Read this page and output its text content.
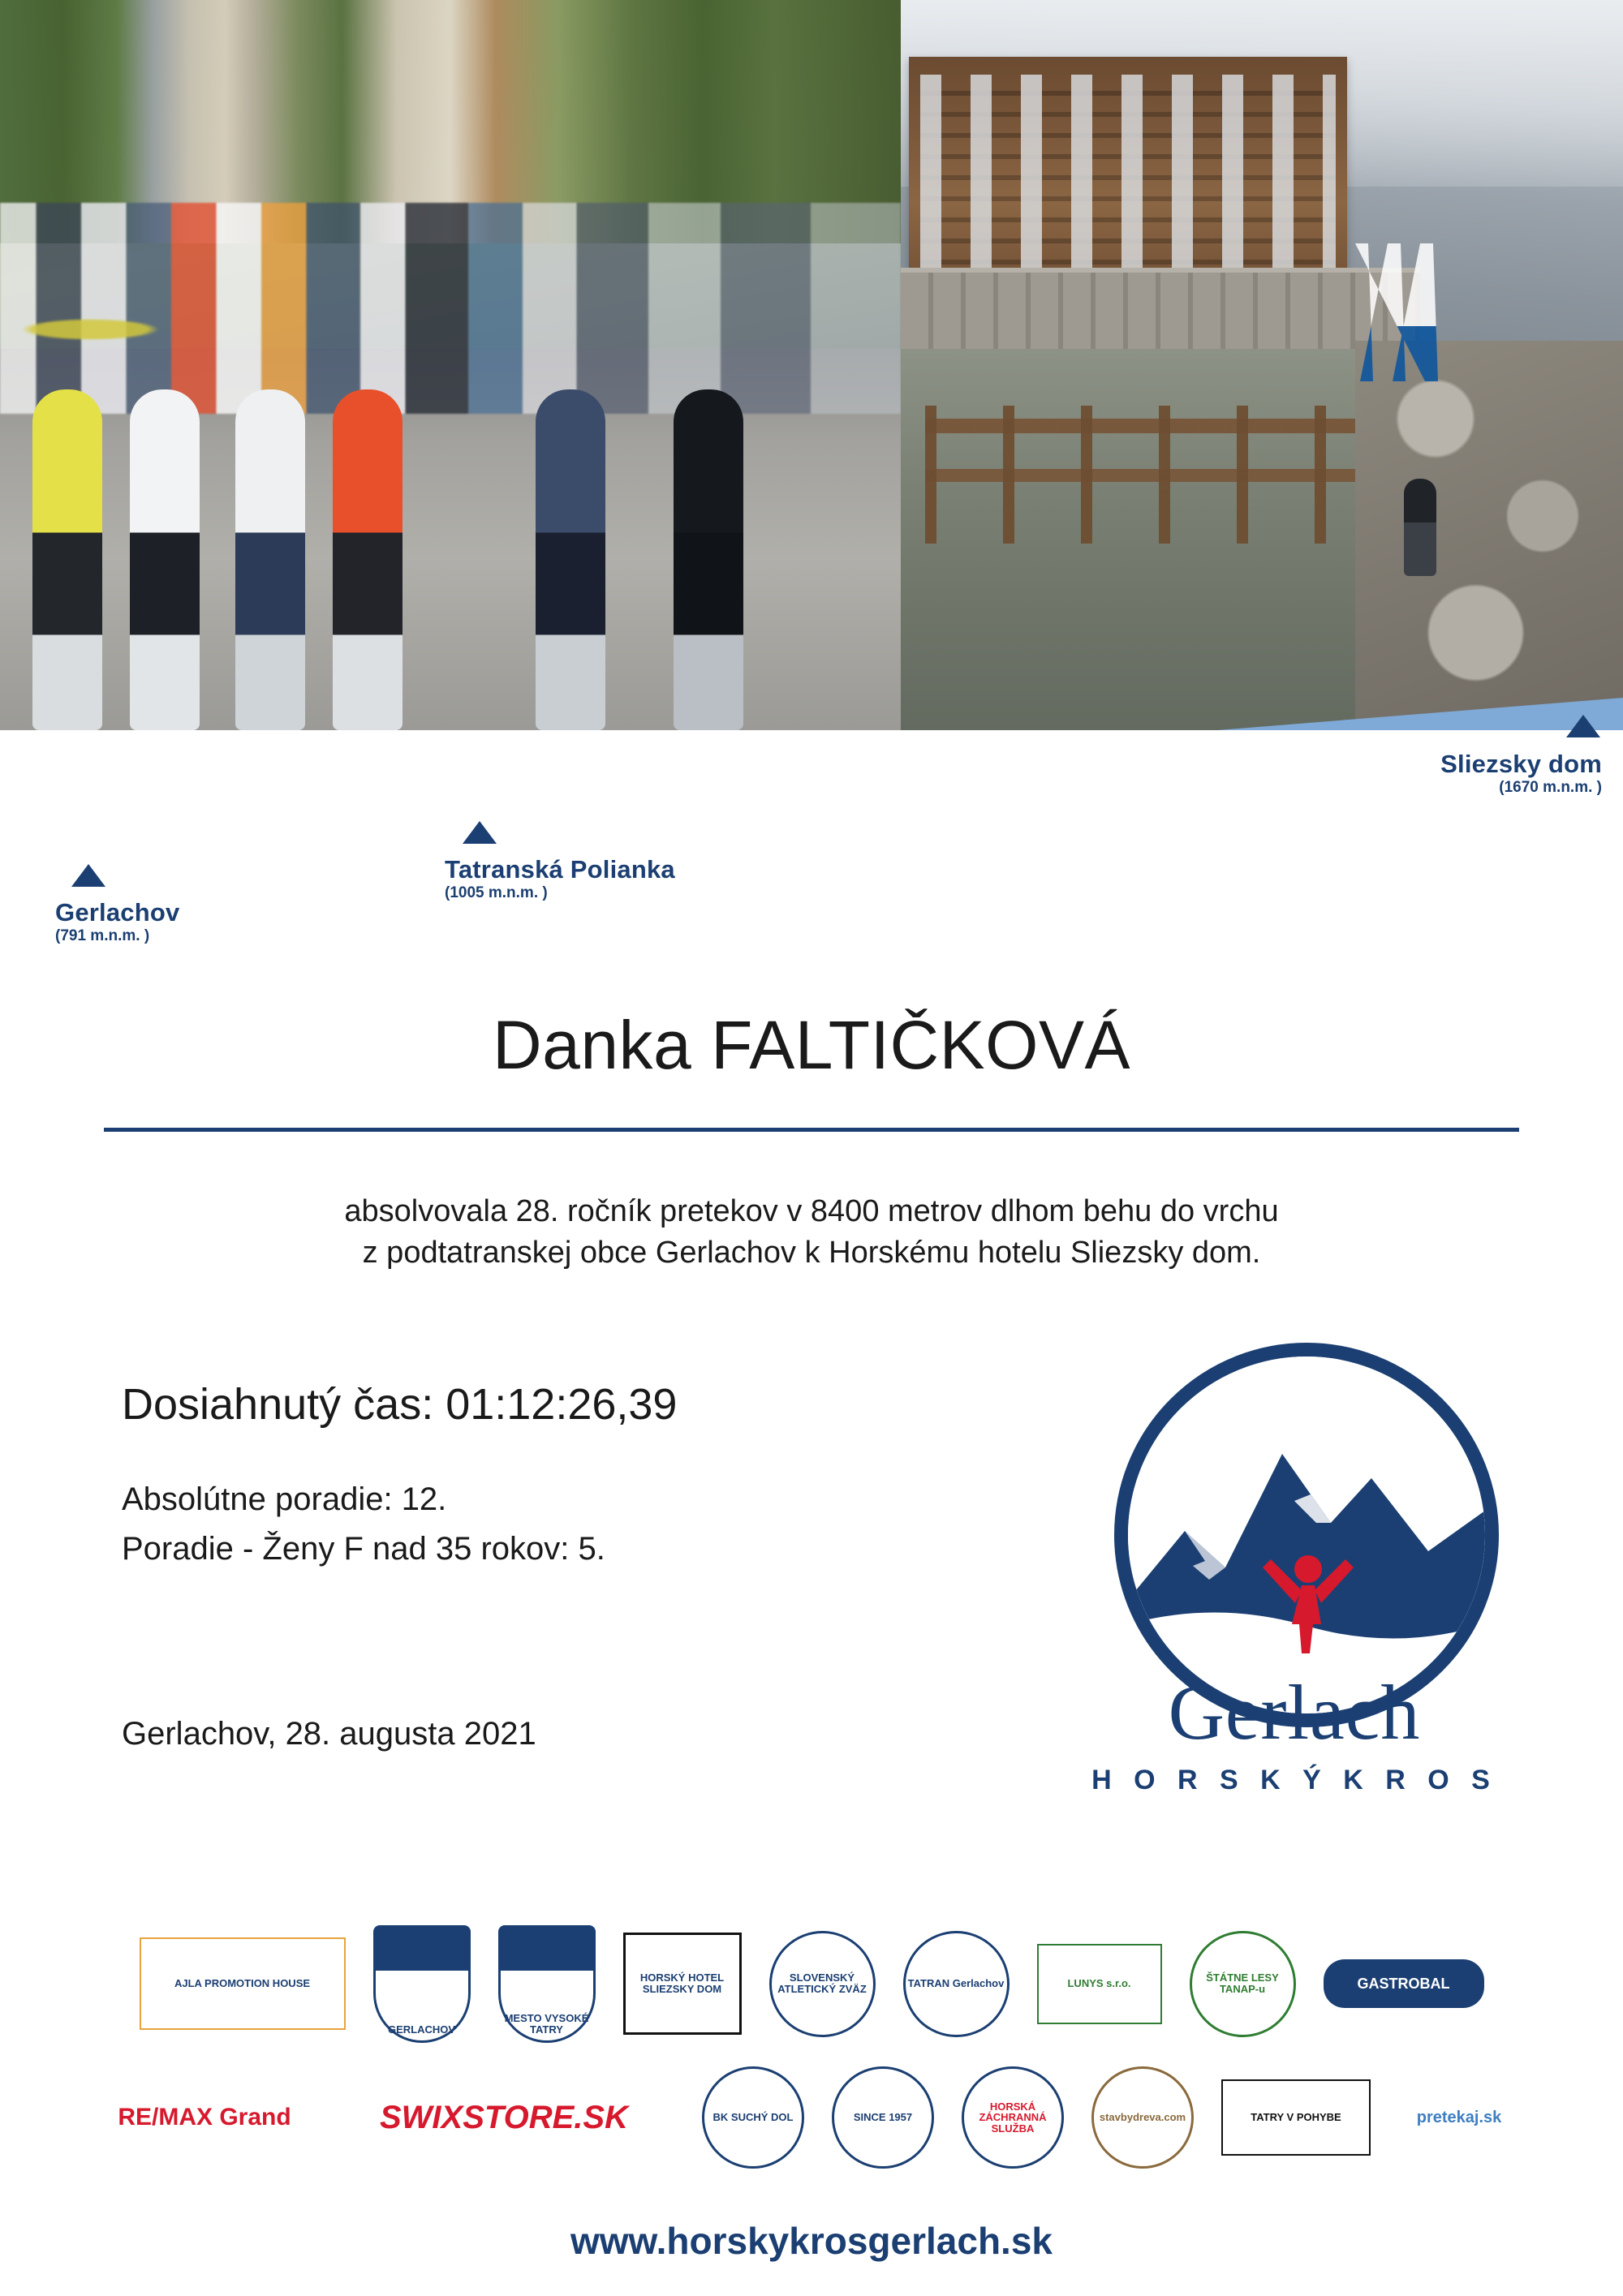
Gerlachov
(791 m.n.m. )
Tatranská Polianka
(1005 m.n.m. )
Sliezsky dom
(1670 m.n.m. )
Danka FALTIČKOVÁ
absolvovala 28. ročník pretekov v 8400 metrov dlhom behu do vrchu
z podtatranskej obce Gerlachov k Horskému hotelu Sliezsky dom.

Dosiahnutý čas: 01:12:26,39

Absolútne poradie: 12.

Poradie - Ženy F nad 35 rokov: 5.

Gerlachov, 28. augusta 2021	Gerlach
H O R S K Ý K R O S
AJLA PROMOTION HOUSE
GERLACHOV
MESTO VYSOKÉ TATRY
HORSKÝ HOTEL SLIEZSKY DOM
SLOVENSKÝ ATLETICKÝ ZVÄZ	TATRAN Gerlachov	LUNYS s.r.o.	ŠTÁTNE LESY TANAP-u	GASTROBAL
RE/MAX Grand	SWIXSTORE.SK	BK SUCHÝ DOL	SINCE 1957
HORSKÁ ZÁCHRANNÁ SLUŽBA
stavbydreva.com	TATRY V POHYBE	pretekaj.sk
www.horskykrosgerlach.sk
